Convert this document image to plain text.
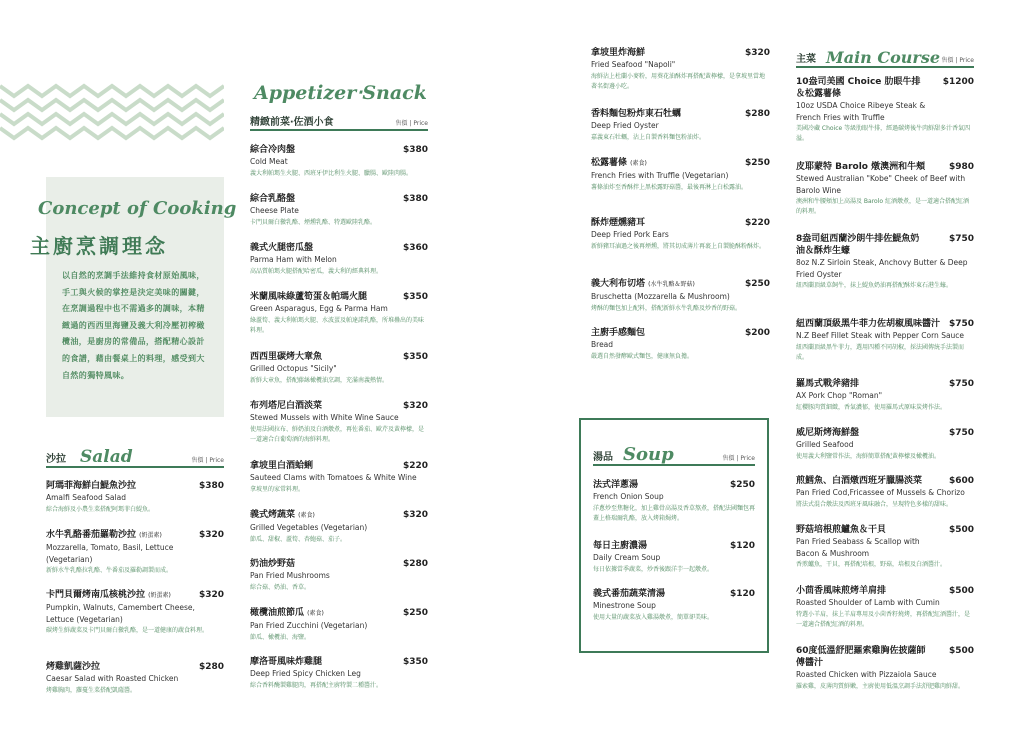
Concept of Cooking
主廚烹調理念
以自然的烹調手法維持食材原始風味，手工與火候的掌控是決定美味的關鍵，在烹調過程中也不需過多的調味，本精緻過的西西里海鹽及義大利冷壓初榨橄欖油，是廚房的常備品，搭配精心設計的食譜，藉由餐桌上的料理，感受到大自然的獨特風味。
沙拉 Salad	售價 | Price
阿瑪菲海鮮白鯷魚沙拉	$380
Amalfi Seafood Salad
綜合海鮮及小農生菜搭配阿瑪菲白鯷魚。
水牛乳酪番茄羅勒沙拉 (奶蛋素)	$320
Mozzarella, Tomato, Basil, Lettuce (Vegetarian)
新鮮水牛乳酪拉乳酪、牛番茄及羅勒調製而成。
卡門貝爾烤南瓜核桃沙拉 (奶蛋素)	$320
Pumpkin, Walnuts, Camembert Cheese, Lettuce (Vegetarian)
碳烤生鮮蔬菜及卡門貝爾白黴乳酪，是一道健康的蔬食料理。
烤雞凱薩沙拉	$280
Caesar Salad with Roasted Chicken
烤雞胸肉，蘿蔓生菜搭配凱薩醬。
Appetizer‧Snack
精緻前菜‧佐酒小食	售價 | Price
綜合冷肉盤	$380
Cold Meat
義大利帕瑪生火腿、西班牙伊比利生火腿、臘腸、歐陸肉腸。
綜合乳酪盤	$380
Cheese Plate
卡門貝爾白黴乳酪、煙燻乳酪、特選歐陸乳酪。
義式火腿密瓜盤	$360
Parma Ham with Melon
高品質帕瑪火腿搭配哈密瓜，義大利的經典料理。
米蘭風味綠蘆筍蛋＆帕瑪火腿	$350
Green Asparagus, Egg & Parma Ham
綠蘆筍、義大利帕瑪火腿、水波蛋及帕達諾乳酪，所堆疊出的美味料理。
西西里碳烤大章魚	$350
Grilled Octopus "Sicily"
新鮮大章魚，搭配藤絲橄欖油烹調，充滿南義熱情。
布列塔尼白酒淡菜	$320
Stewed Mussels with White Wine Sauce
使用法國拉布、鮮奶油及白酒燉煮，再佐番茄、歐芹及黃檸檬，是一道適合白葡萄酒的海鮮料理。
拿坡里白酒蛤蜊	$220
Sauteed Clams with Tomatoes & White Wine
拿坡里的家常料理。
義式烤蔬菜 (素食)	$320
Grilled Vegetables (Vegetarian)
節瓜、甜椒、蘆筍、杏鮑菇、茄子。
奶油炒野菇	$280
Pan Fried Mushrooms
綜合菇、奶油、香草。
橄欖油煎節瓜 (素食)	$250
Pan Fried Zucchini (Vegetarian)
節瓜、橄欖油、海鹽。
摩洛哥風味炸雞腿	$350
Deep Fried Spicy Chicken Leg
綜合香料醃製雞腿肉，再搭配主廚特製二種醬汁。
拿坡里炸海鮮	$320
Fried Seafood "Napoli"
海鮮沾上杜蘭小麥粉，用葵花油酥炸再搭配黃檸檬，是拿坡里當地著名街邊小吃。
香料麵包粉炸東石牡蠣	$280
Deep Fried Oyster
嘉義東石牡蠣，沾上自製香料麵包粉油炸。
松露薯條 (素食)	$250
French Fries with Truffle (Vegetarian)
薯條油炸至香酥拌上黑松露野菇醬，最後再淋上白松露油。
酥炸煙燻豬耳	$220
Deep Fried Pork Ears
新鮮豬耳滷過之後再煙燻，將其切成薄片再裹上自製脆酥粉酥炸。
義大利布切塔 (水牛乳酪＆野菇)	$250
Bruschetta (Mozzarella & Mushroom)
烤酥的麵包加上配料，搭配新鮮水牛乳酪及炒香的野菇。
主廚手感麵包	$200
Bread
嚴選自然發酵歐式麵包，健康無負擔。
湯品 Soup	售價 | Price
法式洋蔥湯	$250
French Onion Soup
洋蔥炒至焦糖化，加上雞骨高湯及香草熬煮，搭配法國麵包再蓋上格瑞爾乳酪，放入烤箱焗烤。
每日主廚濃湯	$120
Daily Cream Soup
每日依據當季蔬菜，炒香後跟洋芋一起燉煮。
義式番茄蔬菜清湯	$120
Minestrone Soup
使用大量的蔬菜放入雞湯燉煮，簡單卻美味。
主菜 Main Course 售價 | Price
10盎司美國 Choice 肋眼牛排＆松露薯條
$1200
10oz USDA Choice Ribeye Steak & French Fries with Truffle
美國冷藏 Choice 等級肋眼牛排，經過碳烤後牛肉鮮甜多汁香氣四溢。
皮耶蒙特 Barolo 燉澳洲和牛頰	$980
Stewed Australian "Kobe" Cheek of Beef with Barolo Wine
澳洲和牛腰頰加上高湯及 Barolo 紅酒燉煮，是一道適合搭配紅酒的料理。
8盎司紐西蘭沙朗牛排佐鯷魚奶油＆酥炸生蠔
$750
8oz N.Z Sirloin Steak, Anchovy Butter & Deep Fried Oyster
紐西蘭頂級草飼牛，抹上鯷魚奶油再搭配酥炸東石港生蠔。
紐西蘭頂級黑牛菲力佐胡椒風味醬汁 $750
N.Z Beef Fillet Steak with Pepper Corn Sauce
紐西蘭頂級黑牛菲力，選用四種不同胡椒，採法國傳統手法製而成。
羅馬式戰斧豬排	$750
AX Pork Chop "Roman"
紅櫻豚肉質細緻，香氣濃郁，使用羅馬式原味炭烤作法。
威尼斯烤海鮮盤	$750
Grilled Seafood
使用義大利鹽常作法，海鮮簡單搭配黃檸檬及橄欖油。
煎鱈魚、白酒燉西班牙臘腸淡菜	$600
Pan Fried Cod,Fricassee of Mussels & Chorizo
將法式混合燉法及西班牙風味融合，呈現特色多樣的甜味。
野菇培根煎鱸魚＆干貝	$500
Pan Fried Seabass & Scallop with Bacon & Mushroom
香煎鱸魚，干貝，再搭配培根，野菇，培根及白酒醬汁。
小茴香風味煎烤羊肩排	$500
Roasted Shoulder of Lamb with Cumin
特選小羊肩，抹上羊肩專用及小茴香籽燒烤，再搭配紅酒醬汁，是一道適合搭配紅酒的料理。
60度低溫舒肥羅索雞胸佐披薩師傅醬汁
$500
Roasted Chicken with Pizzaiola Sauce
羅索雞，皮薄肉質鮮嫩，主廚使用低溫烹調手法舒肥雞肉鮮甜。
